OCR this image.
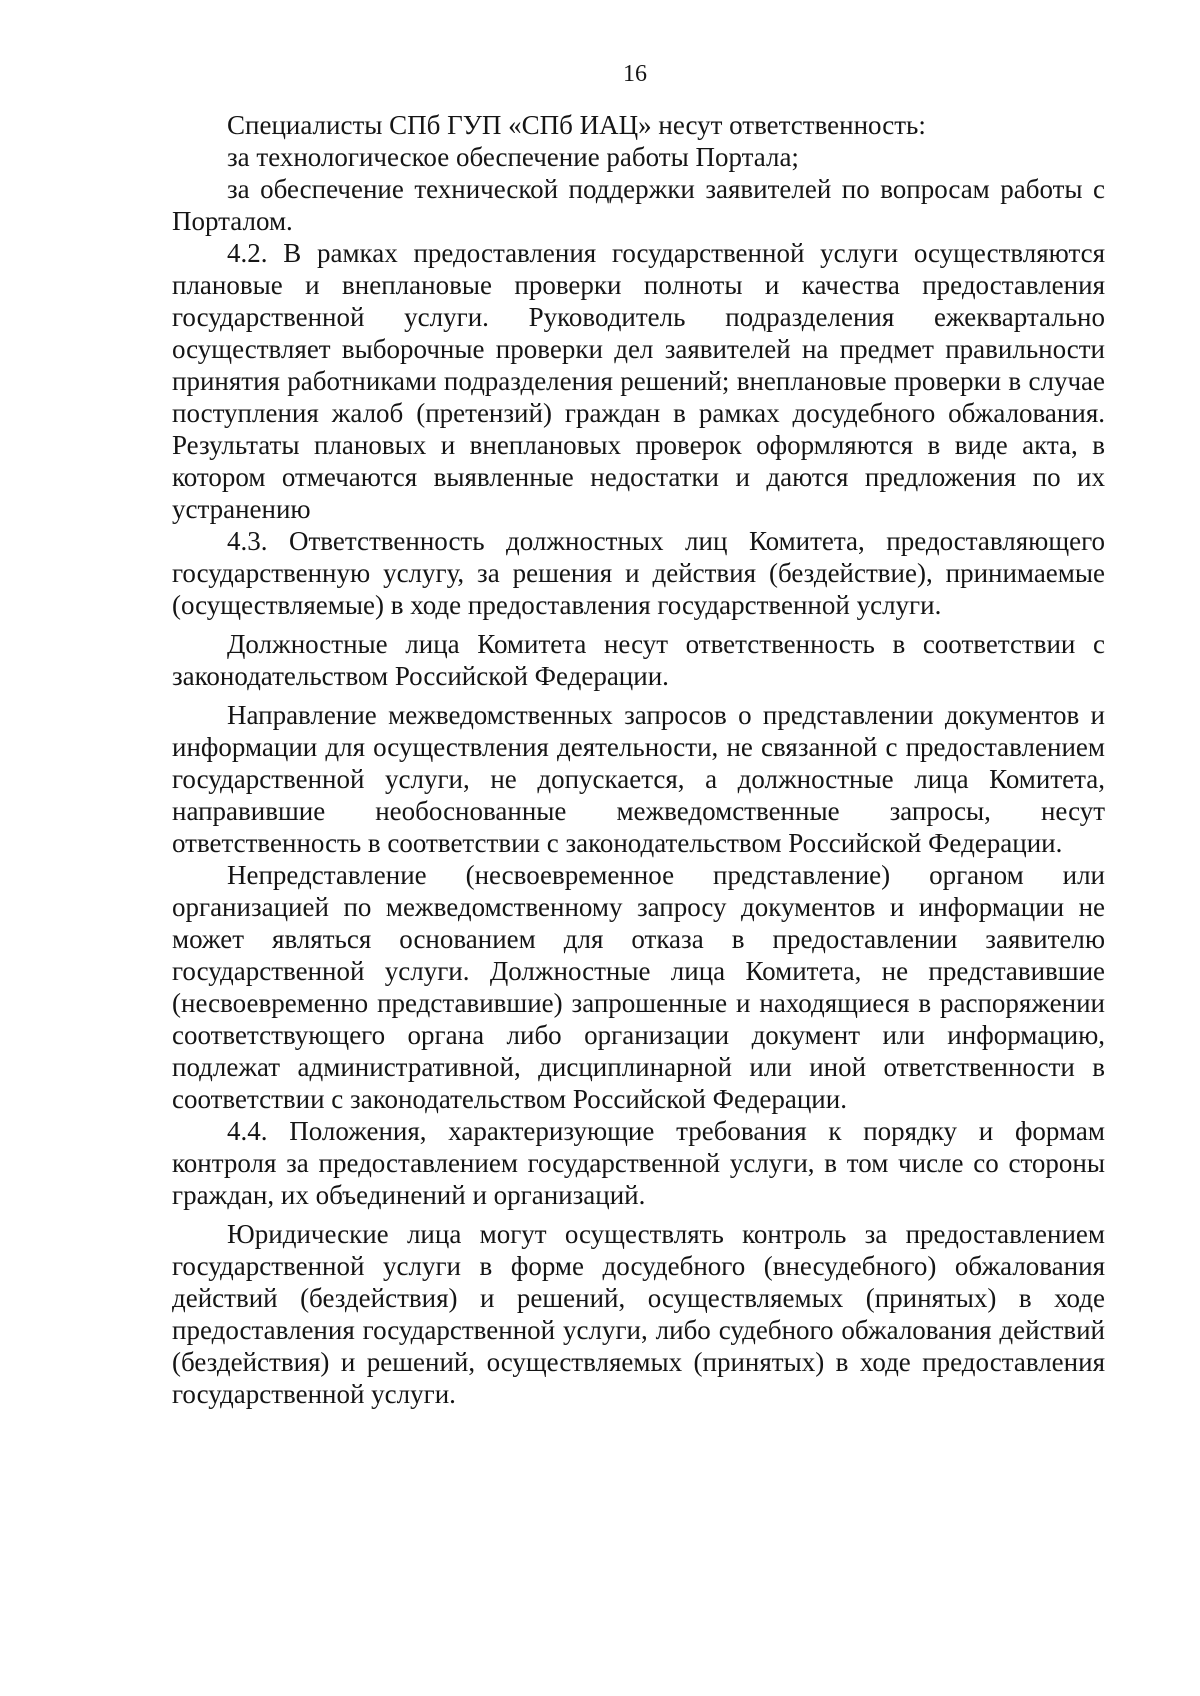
16

Специалисты СПб ГУП «СПб ИАЦ» несут ответственность:

за технологическое обеспечение работы Портала;

за обеспечение технической поддержки заявителей по вопросам работы с Порталом.

4.2. В рамках предоставления государственной услуги осуществляются плановые и внеплановые проверки полноты и качества предоставления государственной услуги. Руководитель подразделения ежеквартально осуществляет выборочные проверки дел заявителей на предмет правильности принятия работниками подразделения решений; внеплановые проверки в случае поступления жалоб (претензий) граждан в рамках досудебного обжалования. Результаты плановых и внеплановых проверок оформляются в виде акта, в котором отмечаются выявленные недостатки и даются предложения по их устранению

4.3. Ответственность должностных лиц Комитета, предоставляющего государственную услугу, за решения и действия (бездействие), принимаемые (осуществляемые) в ходе предоставления государственной услуги.

Должностные лица Комитета несут ответственность в соответствии с законодательством Российской Федерации.

Направление межведомственных запросов о представлении документов и информации для осуществления деятельности, не связанной с предоставлением государственной услуги, не допускается, а должностные лица Комитета, направившие необоснованные межведомственные запросы, несут ответственность в соответствии с законодательством Российской Федерации.

Непредставление (несвоевременное представление) органом или организацией по межведомственному запросу документов и информации не может являться основанием для отказа в предоставлении заявителю государственной услуги. Должностные лица Комитета, не представившие (несвоевременно представившие) запрошенные и находящиеся в распоряжении соответствующего органа либо организации документ или информацию, подлежат административной, дисциплинарной или иной ответственности в соответствии с законодательством Российской Федерации.

4.4. Положения, характеризующие требования к порядку и формам контроля за предоставлением государственной услуги, в том числе со стороны граждан, их объединений и организаций.

Юридические лица могут осуществлять контроль за предоставлением государственной услуги в форме досудебного (внесудебного) обжалования действий (бездействия) и решений, осуществляемых (принятых) в ходе предоставления государственной услуги, либо судебного обжалования действий (бездействия) и решений, осуществляемых (принятых) в ходе предоставления государственной услуги.
